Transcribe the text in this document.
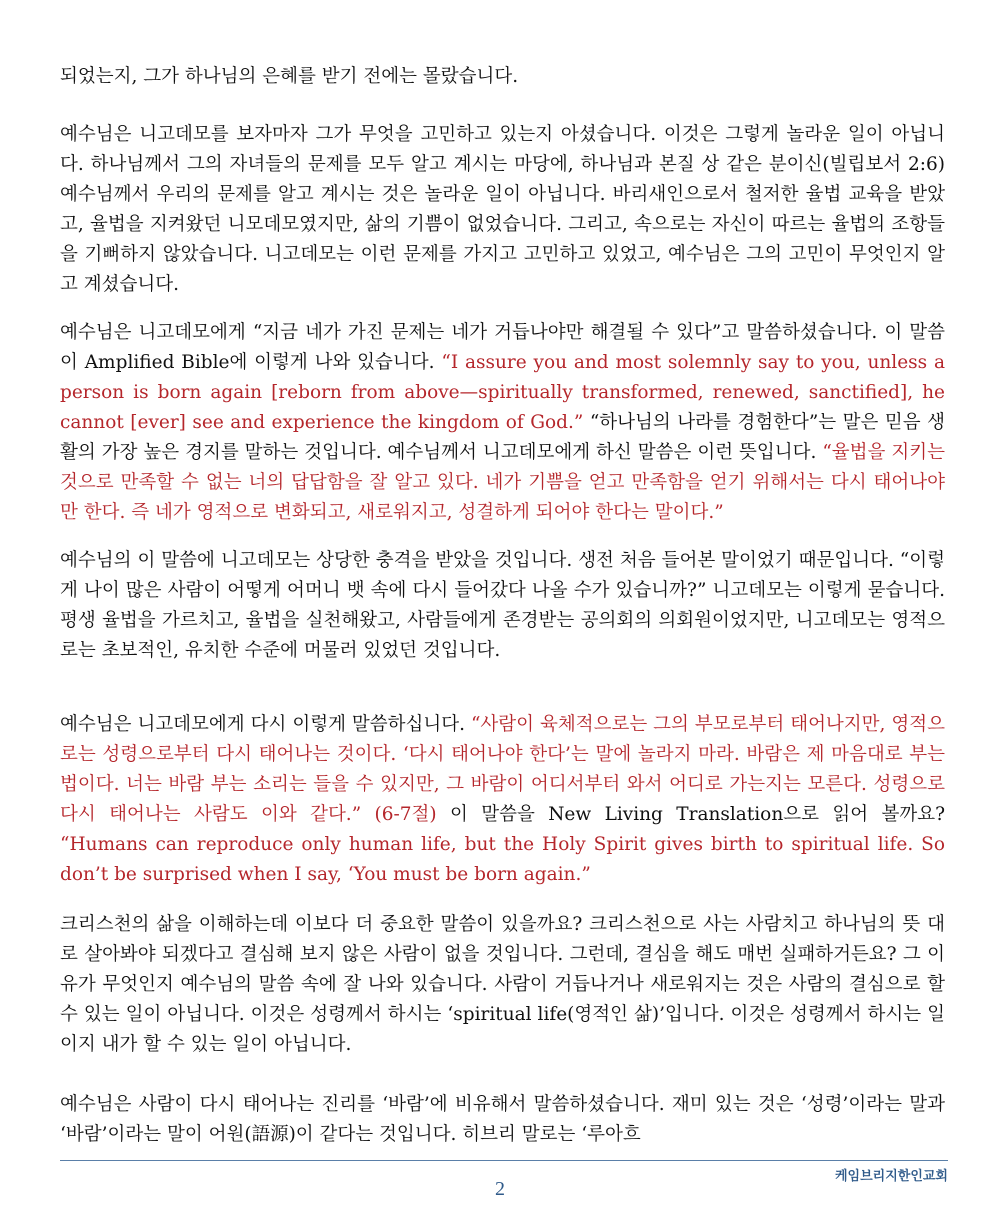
되었는지, 그가 하나님의 은혜를 받기 전에는 몰랐습니다.

예수님은 니고데모를 보자마자 그가 무엇을 고민하고 있는지 아셨습니다. 이것은 그렇게 놀라운 일이 아닙니다. 하나님께서 그의 자녀들의 문제를 모두 알고 계시는 마당에, 하나님과 본질 상 같은 분이신(빌립보서 2:6) 예수님께서 우리의 문제를 알고 계시는 것은 놀라운 일이 아닙니다. 바리새인으로서 철저한 율법 교육을 받았고, 율법을 지켜왔던 니모데모였지만, 삶의 기쁨이 없었습니다. 그리고, 속으로는 자신이 따르는 율법의 조항들을 기뻐하지 않았습니다. 니고데모는 이런 문제를 가지고 고민하고 있었고, 예수님은 그의 고민이 무엇인지 알고 계셨습니다.

예수님은 니고데모에게 “지금 네가 가진 문제는 네가 거듭나야만 해결될 수 있다”고 말씀하셨습니다. 이 말씀이 Amplified Bible에 이렇게 나와 있습니다. “I assure you and most solemnly say to you, unless a person is born again [reborn from above—spiritually transformed, renewed, sanctified], he cannot [ever] see and experience the kingdom of God.” “하나님의 나라를 경험한다”는 말은 믿음 생활의 가장 높은 경지를 말하는 것입니다. 예수님께서 니고데모에게 하신 말씀은 이런 뜻입니다. “율법을 지키는 것으로 만족할 수 없는 너의 답답함을 잘 알고 있다. 네가 기쁨을 얻고 만족함을 얻기 위해서는 다시 태어나야만 한다. 즉 네가 영적으로 변화되고, 새로워지고, 성결하게 되어야 한다는 말이다.”

예수님의 이 말씀에 니고데모는 상당한 충격을 받았을 것입니다. 생전 처음 들어본 말이었기 때문입니다. “이렇게 나이 많은 사람이 어떻게 어머니 뱃 속에 다시 들어갔다 나올 수가 있습니까?” 니고데모는 이렇게 묻습니다. 평생 율법을 가르치고, 율법을 실천해왔고, 사람들에게 존경받는 공의회의 의회원이었지만, 니고데모는 영적으로는 초보적인, 유치한 수준에 머물러 있었던 것입니다.

예수님은 니고데모에게 다시 이렇게 말씀하십니다. “사람이 육체적으로는 그의 부모로부터 태어나지만, 영적으로는 성령으로부터 다시 태어나는 것이다. ‘다시 태어나야 한다’는 말에 놀라지 마라. 바람은 제 마음대로 부는 법이다. 너는 바람 부는 소리는 들을 수 있지만, 그 바람이 어디서부터 와서 어디로 가는지는 모른다. 성령으로 다시 태어나는 사람도 이와 같다.” (6-7절) 이 말씀을 New Living Translation으로 읽어 볼까요? “Humans can reproduce only human life, but the Holy Spirit gives birth to spiritual life. So don’t be surprised when I say, ‘You must be born again.”

크리스천의 삶을 이해하는데 이보다 더 중요한 말씀이 있을까요? 크리스천으로 사는 사람치고 하나님의 뜻 대로 살아봐야 되겠다고 결심해 보지 않은 사람이 없을 것입니다. 그런데, 결심을 해도 매번 실패하거든요? 그 이유가 무엇인지 예수님의 말씀 속에 잘 나와 있습니다. 사람이 거듭나거나 새로워지는 것은 사람의 결심으로 할 수 있는 일이 아닙니다. 이것은 성령께서 하시는 ‘spiritual life(영적인 삶)’입니다. 이것은 성령께서 하시는 일이지 내가 할 수 있는 일이 아닙니다.

예수님은 사람이 다시 태어나는 진리를 ‘바람’에 비유해서 말씀하셨습니다. 재미 있는 것은 ‘성령’이라는 말과 ‘바람’이라는 말이 어원(語源)이 같다는 것입니다. 히브리 말로는 ‘루아흐

케임브리지한인교회
2
